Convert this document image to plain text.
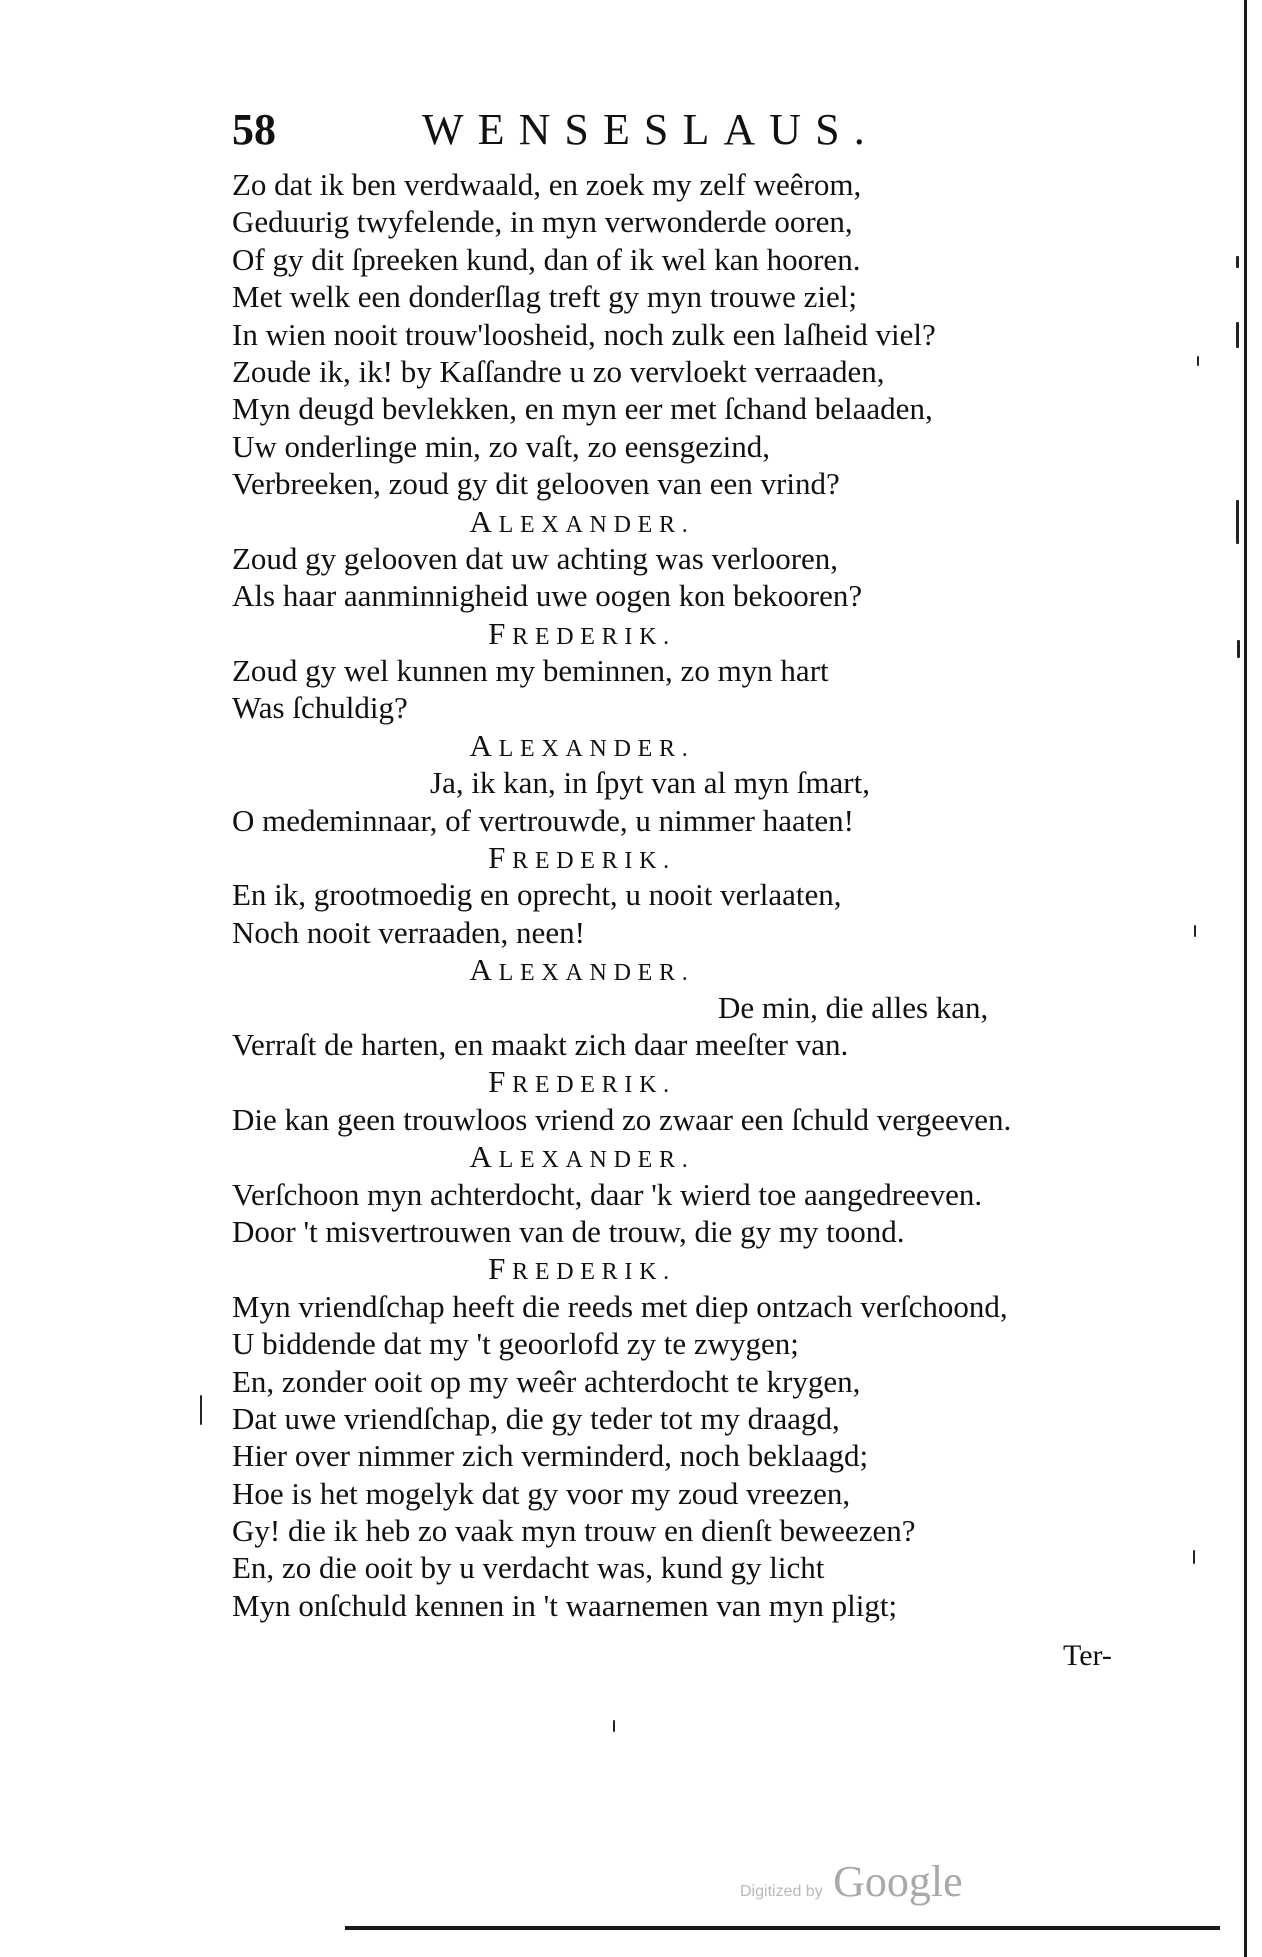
58	WENSESLAUS.
Zo dat ik ben verdwaald, en zoek my zelf weêrom,
Geduurig twyfelende, in myn verwonderde ooren,
Of gy dit ſpreeken kund, dan of ik wel kan hooren.
Met welk een donderſlag treft gy myn trouwe ziel;
In wien nooit trouw'loosheid, noch zulk een laſheid viel?
Zoude ik, ik! by Kaſſandre u zo vervloekt verraaden,
Myn deugd bevlekken, en myn eer met ſchand belaaden,
Uw onderlinge min, zo vaſt, zo eensgezind,
Verbreeken, zoud gy dit gelooven van een vrind?
ALEXANDER.
Zoud gy gelooven dat uw achting was verlooren,
Als haar aanminnigheid uwe oogen kon bekooren?
FREDERIK.
Zoud gy wel kunnen my beminnen, zo myn hart
Was ſchuldig?
ALEXANDER.
Ja, ik kan, in ſpyt van al myn ſmart,
O medeminnaar, of vertrouwde, u nimmer haaten!
FREDERIK.
En ik, grootmoedig en oprecht, u nooit verlaaten,
Noch nooit verraaden, neen!
ALEXANDER.
De min, die alles kan,
Verraſt de harten, en maakt zich daar meeſter van.
FREDERIK.
Die kan geen trouwloos vriend zo zwaar een ſchuld vergeeven.
ALEXANDER.
Verſchoon myn achterdocht, daar 'k wierd toe aangedreeven.
Door 't misvertrouwen van de trouw, die gy my toond.
FREDERIK.
Myn vriendſchap heeft die reeds met diep ontzach verſchoond,
U biddende dat my 't geoorlofd zy te zwygen;
En, zonder ooit op my weêr achterdocht te krygen,
Dat uwe vriendſchap, die gy teder tot my draagd,
Hier over nimmer zich verminderd, noch beklaagd;
Hoe is het mogelyk dat gy voor my zoud vreezen,
Gy! die ik heb zo vaak myn trouw en dienſt beweezen?
En, zo die ooit by u verdacht was, kund gy licht
Myn onſchuld kennen in 't waarnemen van myn pligt;
Ter-
Digitized by Google
